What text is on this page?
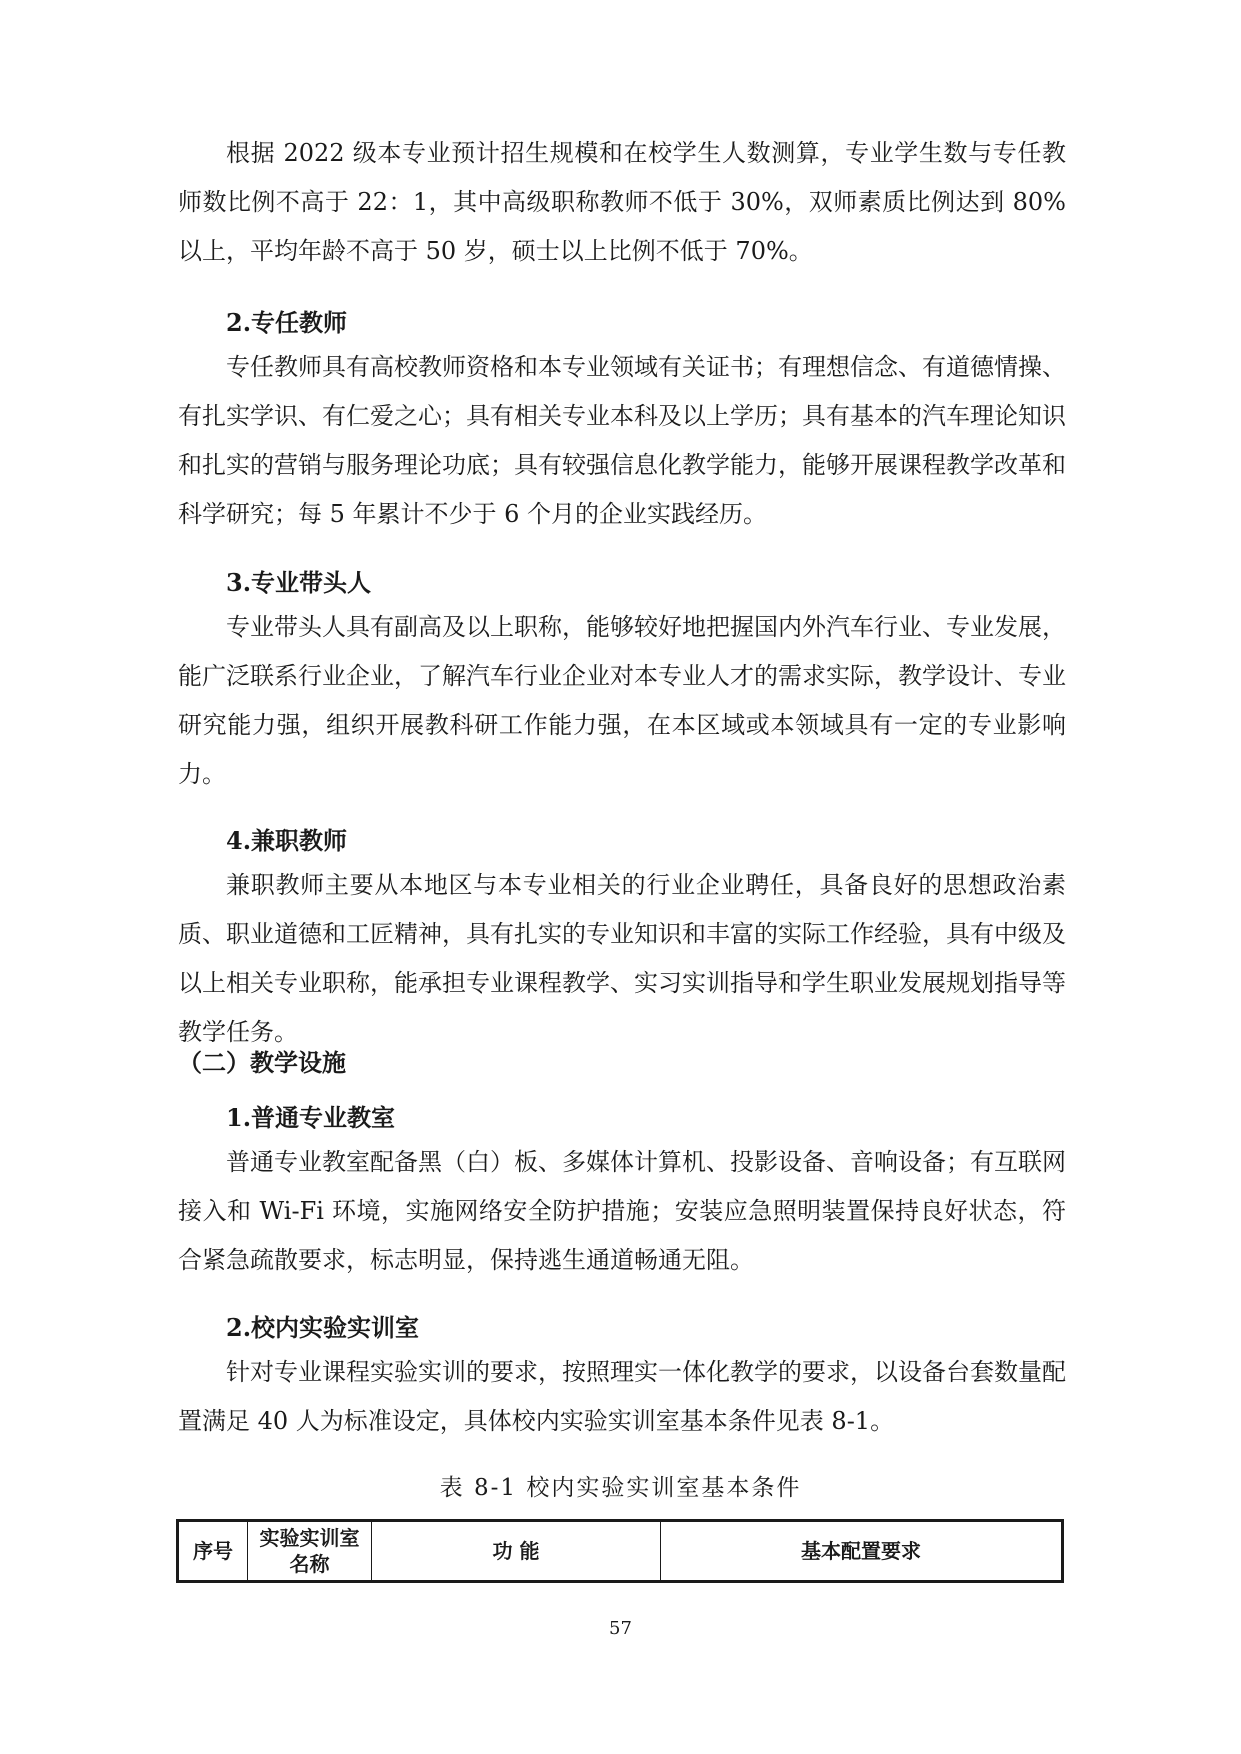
根据 2022 级本专业预计招生规模和在校学生人数测算，专业学生数与专任教师数比例不高于 22：1，其中高级职称教师不低于 30%，双师素质比例达到 80%以上，平均年龄不高于 50 岁，硕士以上比例不低于 70%。

2.专任教师

专任教师具有高校教师资格和本专业领域有关证书；有理想信念、有道德情操、有扎实学识、有仁爱之心；具有相关专业本科及以上学历；具有基本的汽车理论知识和扎实的营销与服务理论功底；具有较强信息化教学能力，能够开展课程教学改革和科学研究；每 5 年累计不少于 6 个月的企业实践经历。

3.专业带头人

专业带头人具有副高及以上职称，能够较好地把握国内外汽车行业、专业发展，能广泛联系行业企业，了解汽车行业企业对本专业人才的需求实际，教学设计、专业研究能力强，组织开展教科研工作能力强，在本区域或本领域具有一定的专业影响力。

4.兼职教师

兼职教师主要从本地区与本专业相关的行业企业聘任，具备良好的思想政治素质、职业道德和工匠精神，具有扎实的专业知识和丰富的实际工作经验，具有中级及以上相关专业职称，能承担专业课程教学、实习实训指导和学生职业发展规划指导等教学任务。

（二）教学设施

1.普通专业教室

普通专业教室配备黑（白）板、多媒体计算机、投影设备、音响设备；有互联网接入和 Wi-Fi 环境，实施网络安全防护措施；安装应急照明装置保持良好状态，符合紧急疏散要求，标志明显，保持逃生通道畅通无阻。

2.校内实验实训室

针对专业课程实验实训的要求，按照理实一体化教学的要求，以设备台套数量配置满足 40 人为标准设定，具体校内实验实训室基本条件见表 8-1。

表 8-1 校内实验实训室基本条件
序号	实验实训室名称	功 能	基本配置要求
57
